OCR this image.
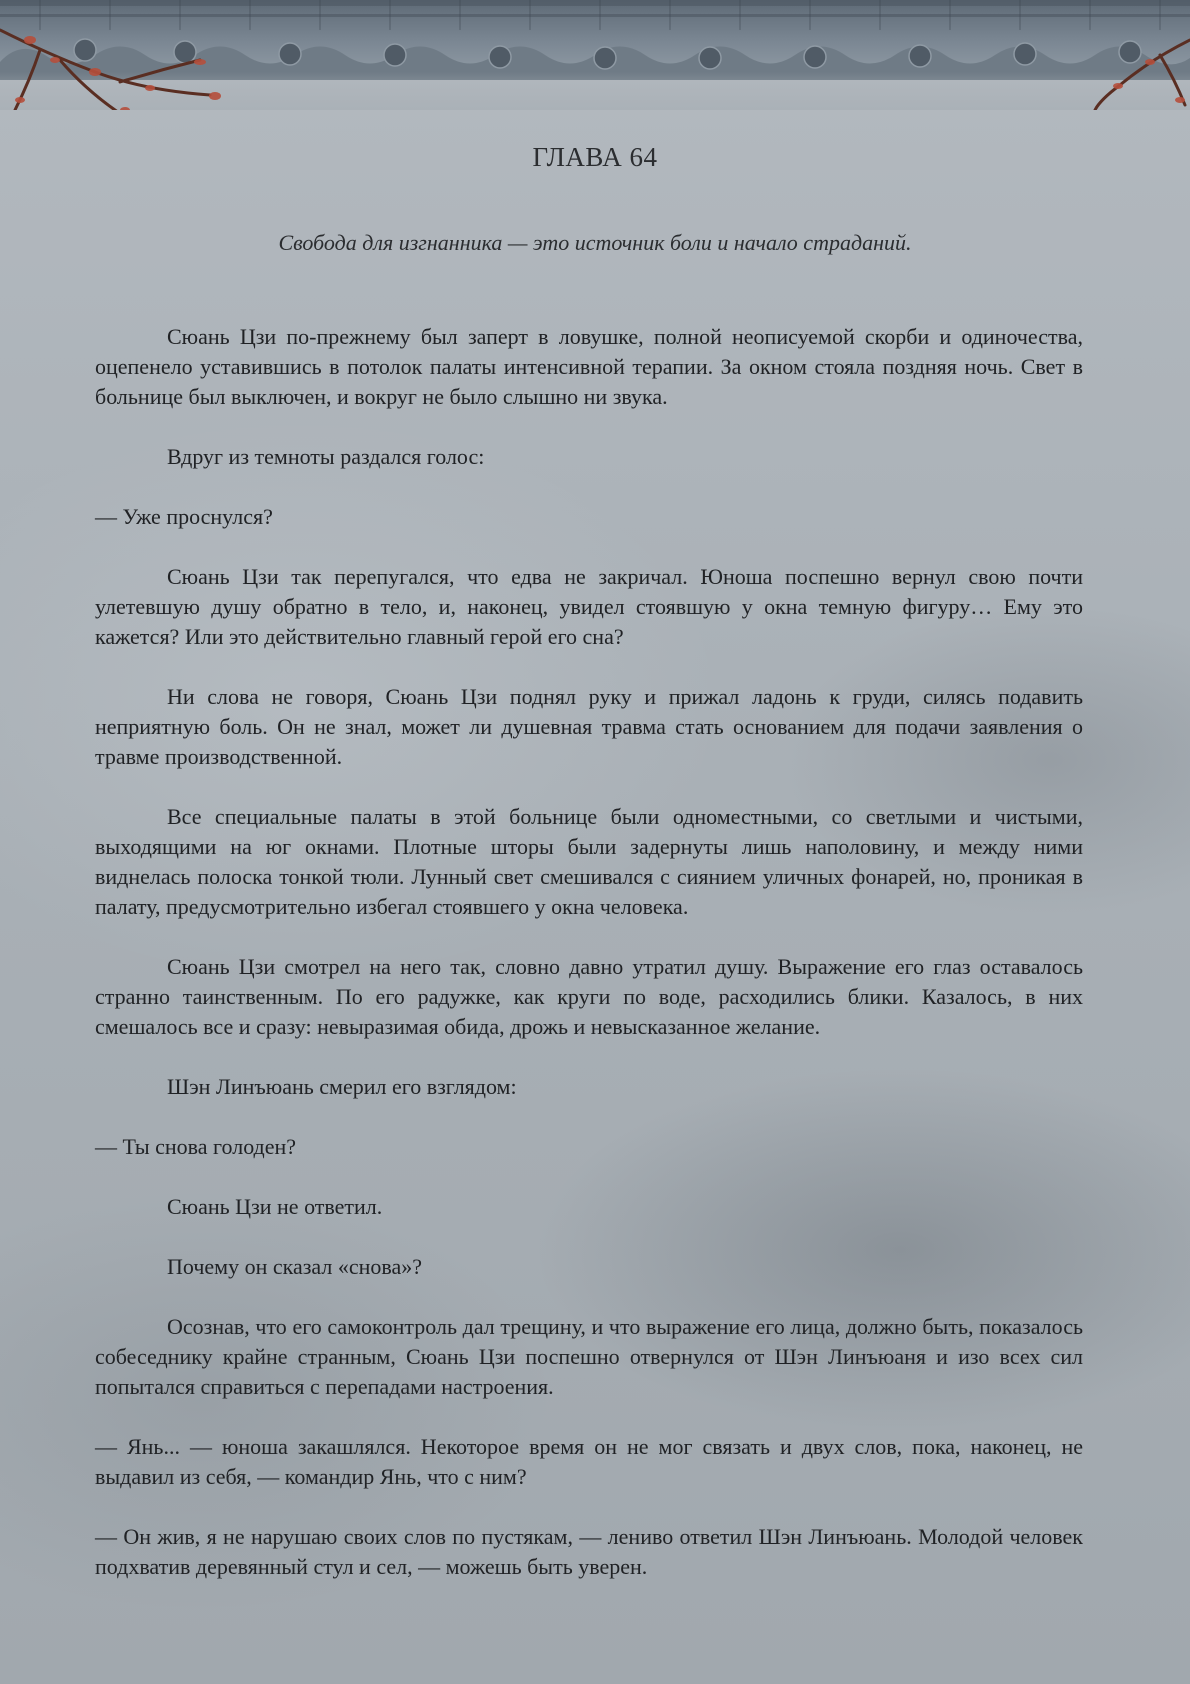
ГЛАВА 64
Свобода для изгнанника — это источник боли и начало страданий.

Сюань Цзи по-прежнему был заперт в ловушке, полной неописуемой скорби и одиночества, оцепенело уставившись в потолок палаты интенсивной терапии. За окном стояла поздняя ночь. Свет в больнице был выключен, и вокруг не было слышно ни звука.

Вдруг из темноты раздался голос:

— Уже проснулся?

Сюань Цзи так перепугался, что едва не закричал. Юноша поспешно вернул свою почти улетевшую душу обратно в тело, и, наконец, увидел стоявшую у окна темную фигуру… Ему это кажется? Или это действительно главный герой его сна?

Ни слова не говоря, Сюань Цзи поднял руку и прижал ладонь к груди, силясь подавить неприятную боль. Он не знал, может ли душевная травма стать основанием для подачи заявления о травме производственной.

Все специальные палаты в этой больнице были одноместными, со светлыми и чистыми, выходящими на юг окнами. Плотные шторы были задернуты лишь наполовину, и между ними виднелась полоска тонкой тюли. Лунный свет смешивался с сиянием уличных фонарей, но, проникая в палату, предусмотрительно избегал стоявшего у окна человека.

Сюань Цзи смотрел на него так, словно давно утратил душу. Выражение его глаз оставалось странно таинственным. По его радужке, как круги по воде, расходились блики. Казалось, в них смешалось все и сразу: невыразимая обида, дрожь и невысказанное желание.

Шэн Линъюань смерил его взглядом:

— Ты снова голоден?

Сюань Цзи не ответил.

Почему он сказал «снова»?

Осознав, что его самоконтроль дал трещину, и что выражение его лица, должно быть, показалось собеседнику крайне странным, Сюань Цзи поспешно отвернулся от Шэн Линъюаня и изо всех сил попытался справиться с перепадами настроения.

— Янь... — юноша закашлялся. Некоторое время он не мог связать и двух слов, пока, наконец, не выдавил из себя, — командир Янь, что с ним?

— Он жив, я не нарушаю своих слов по пустякам, — лениво ответил Шэн Линъюань. Молодой человек подхватив деревянный стул и сел, — можешь быть уверен.
